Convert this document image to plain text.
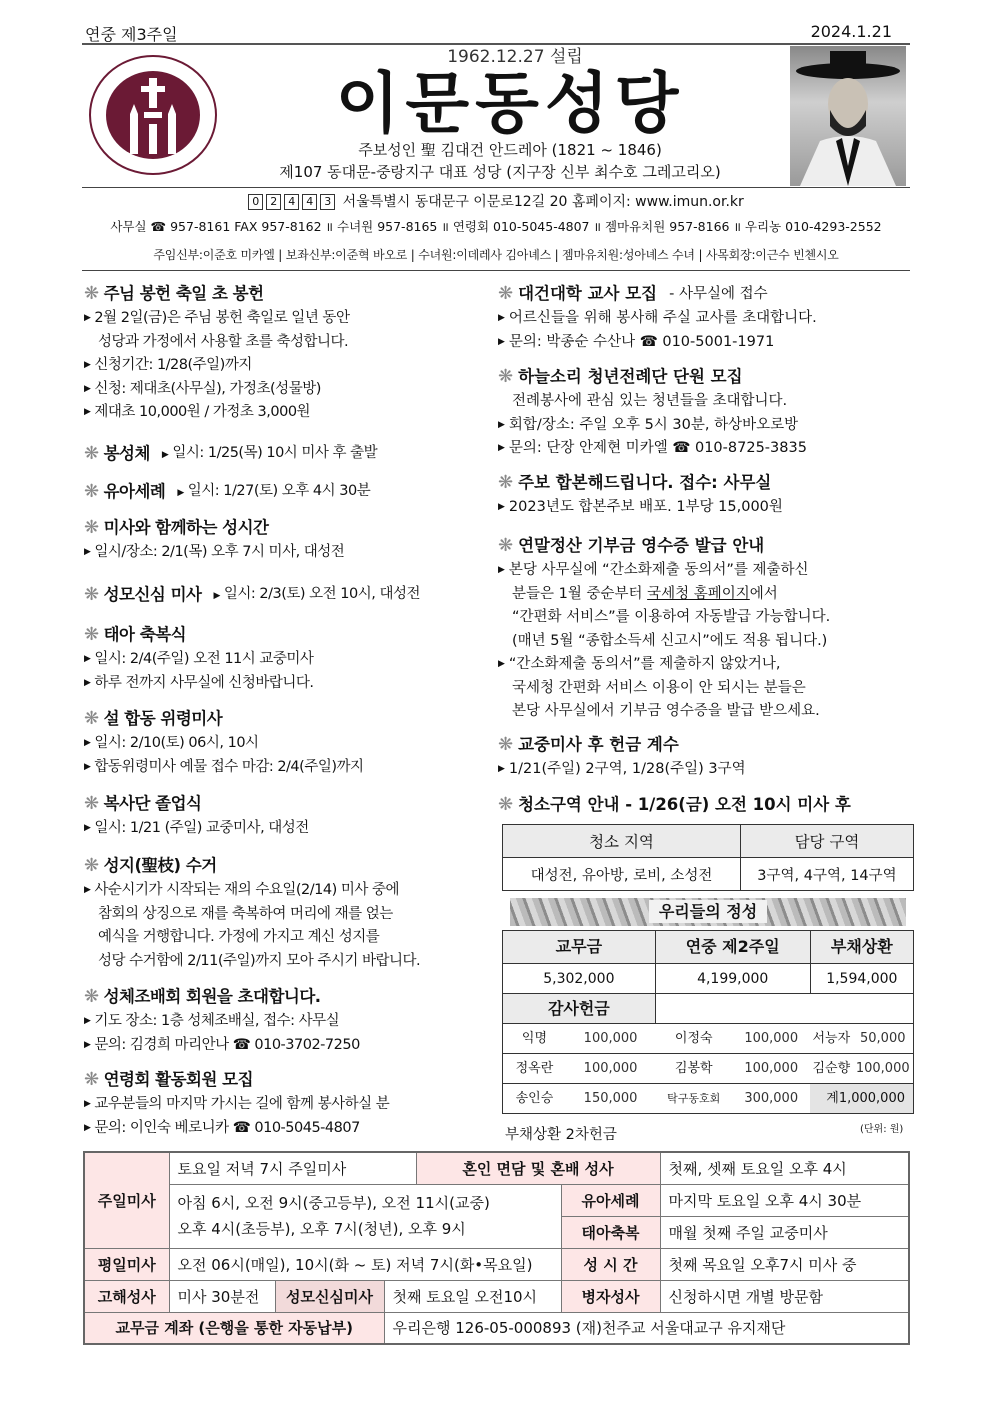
연중 제3주일	2024.1.21
1962.12.27 설립
이문동성당
주보성인 聖 김대건 안드레아 (1821 ~ 1846)
제107 동대문-중랑지구 대표 성당 (지구장 신부 최수호 그레고리오)
0 2 4 4 3 서울특별시 동대문구 이문로12길 20 홈페이지: www.imun.or.kr
사무실 ☎ 957-8161 FAX 957-8162 ॥ 수녀원 957-8165 ॥ 연령회 010-5045-4807 ॥ 젬마유치원 957-8166 ॥ 우리농 010-4293-2552
주임신부:이준호 미카엘 | 보좌신부:이준혁 바오로 | 수녀원:이데레사 김아녜스 | 젬마유치원:성아녜스 수녀 | 사목회장:이근수 빈첸시오
❋ 주님 봉헌 축일 초 봉헌
▶ 2월 2일(금)은 주님 봉헌 축일로 일년 동안
성당과 가정에서 사용할 초를 축성합니다.
▶ 신청기간: 1/28(주일)까지
▶ 신청: 제대초(사무실), 가정초(성물방)
▶ 제대초 10,000원 / 가정초 3,000원
❋ 봉성체 ▶ 일시: 1/25(목) 10시 미사 후 출발
❋ 유아세례 ▶ 일시: 1/27(토) 오후 4시 30분
❋ 미사와 함께하는 성시간
▶ 일시/장소: 2/1(목) 오후 7시 미사, 대성전
❋ 성모신심 미사 ▶ 일시: 2/3(토) 오전 10시, 대성전
❋ 태아 축복식
▶ 일시: 2/4(주일) 오전 11시 교중미사
▶ 하루 전까지 사무실에 신청바랍니다.
❋ 설 합동 위령미사
▶ 일시: 2/10(토) 06시, 10시
▶ 합동위령미사 예물 접수 마감: 2/4(주일)까지
❋ 복사단 졸업식
▶ 일시: 1/21 (주일) 교중미사, 대성전
❋ 성지(聖枝) 수거
▶ 사순시기가 시작되는 재의 수요일(2/14) 미사 중에
참회의 상징으로 재를 축복하여 머리에 재를 얹는
예식을 거행합니다. 가정에 가지고 계신 성지를
성당 수거함에 2/11(주일)까지 모아 주시기 바랍니다.
❋ 성체조배회 회원을 초대합니다.
▶ 기도 장소: 1층 성체조배실, 접수: 사무실
▶ 문의: 김경희 마리안나 ☎ 010-3702-7250
❋ 연령회 활동회원 모집
▶ 교우분들의 마지막 가시는 길에 함께 봉사하실 분
▶ 문의: 이인숙 베로니카 ☎ 010-5045-4807
❋ 대건대학 교사 모집 - 사무실에 접수
▶ 어르신들을 위해 봉사해 주실 교사를 초대합니다.
▶ 문의: 박종순 수산나 ☎ 010-5001-1971
❋ 하늘소리 청년전례단 단원 모집
전례봉사에 관심 있는 청년들을 초대합니다.
▶ 회합/장소: 주일 오후 5시 30분, 하상바오로방
▶ 문의: 단장 안제현 미카엘 ☎ 010-8725-3835
❋ 주보 합본해드립니다. 접수: 사무실
▶ 2023년도 합본주보 배포. 1부당 15,000원
❋ 연말정산 기부금 영수증 발급 안내
▶ 본당 사무실에 “간소화제출 동의서”를 제출하신
분들은 1월 중순부터 국세청 홈페이지에서
“간편화 서비스”를 이용하여 자동발급 가능합니다.
(매년 5월 “종합소득세 신고시”에도 적용 됩니다.)
▶ “간소화제출 동의서”를 제출하지 않았거나,
국세청 간편화 서비스 이용이 안 되시는 분들은
본당 사무실에서 기부금 영수증을 발급 받으세요.
❋ 교중미사 후 헌금 계수
▶ 1/21(주일) 2구역, 1/28(주일) 3구역
❋ 청소구역 안내 - 1/26(금) 오전 10시 미사 후
청소 지역	담당 구역
대성전, 유아방, 로비, 소성전	3구역, 4구역, 14구역
우리들의 정성
교무금		연중 제2주일		부채상환	
5,302,000		4,199,000		1,594,000	
감사헌금					
익명	100,000	이정숙	100,000	서능자	50,000
정옥란	100,000	김봉학	100,000	김순향	100,000
송인승	150,000	탁구동호회	300,000	계1,000,000	
부채상환 2차헌금	(단위: 원)
주일미사	토요일 저녁 7시 주일미사			혼인 면담 및 혼배 성사		첫째, 셋째 토요일 오후 4시

	아침 6시, 오전 9시(중고등부), 오전 11시(교중)
오후 4시(초등부), 오후 7시(청년), 오후 9시				유아세례	마지막 토요일 오후 4시 30분
					태아축복	매월 첫째 주일 교중미사
평일미사	오전 06시(매일), 10시(화 ~ 토) 저녁 7시(화•목요일)				성 시 간	첫째 목요일 오후7시 미사 중
고해성사	미사 30분전	성모신심미사	첫째 토요일 오전10시		병자성사	신청하시면 개별 방문함
교무금 계좌 (은행을 통한 자동납부)			우리은행 126-05-000893 (재)천주교 서울대교구 유지재단			
